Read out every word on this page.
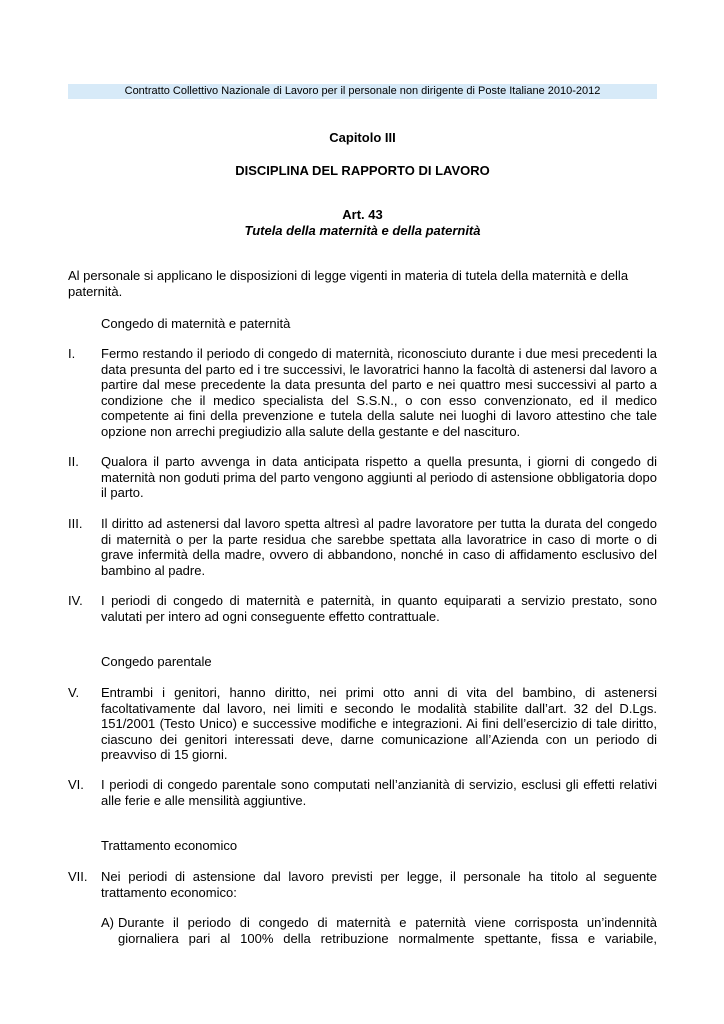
Contratto Collettivo Nazionale di Lavoro per il personale non dirigente di Poste Italiane 2010-2012
Capitolo III
DISCIPLINA DEL RAPPORTO DI LAVORO
Art. 43
Tutela della maternità e della paternità
Al personale si applicano le disposizioni di legge vigenti in materia di tutela della maternità e della paternità.
Congedo di maternità e paternità
I. Fermo restando il periodo di congedo di maternità, riconosciuto durante i due mesi precedenti la data presunta del parto ed i tre successivi, le lavoratrici hanno la facoltà di astenersi dal lavoro a partire dal mese precedente la data presunta del parto e nei quattro mesi successivi al parto a condizione che il medico specialista del S.S.N., o con esso convenzionato, ed il medico competente ai fini della prevenzione e tutela della salute nei luoghi di lavoro attestino che tale opzione non arrechi pregiudizio alla salute della gestante e del nascituro.
II. Qualora il parto avvenga in data anticipata rispetto a quella presunta, i giorni di congedo di maternità non goduti prima del parto vengono aggiunti al periodo di astensione obbligatoria dopo il parto.
III. Il diritto ad astenersi dal lavoro spetta altresì al padre lavoratore per tutta la durata del congedo di maternità o per la parte residua che sarebbe spettata alla lavoratrice in caso di morte o di grave infermità della madre, ovvero di abbandono, nonché in caso di affidamento esclusivo del bambino al padre.
IV. I periodi di congedo di maternità e paternità, in quanto equiparati a servizio prestato, sono valutati per intero ad ogni conseguente effetto contrattuale.
Congedo parentale
V. Entrambi i genitori, hanno diritto, nei primi otto anni di vita del bambino, di astenersi facoltativamente dal lavoro, nei limiti e secondo le modalità stabilite dall’art. 32 del D.Lgs. 151/2001 (Testo Unico) e successive modifiche e integrazioni. Ai fini dell’esercizio di tale diritto, ciascuno dei genitori interessati deve, darne comunicazione all’Azienda con un periodo di preavviso di 15 giorni.
VI. I periodi di congedo parentale sono computati nell’anzianità di servizio, esclusi gli effetti relativi alle ferie e alle mensilità aggiuntive.
Trattamento economico
VII. Nei periodi di astensione dal lavoro previsti per legge, il personale ha titolo al seguente trattamento economico:
A) Durante il periodo di congedo di maternità e paternità viene corrisposta un’indennità giornaliera pari al 100% della retribuzione normalmente spettante, fissa e variabile,
